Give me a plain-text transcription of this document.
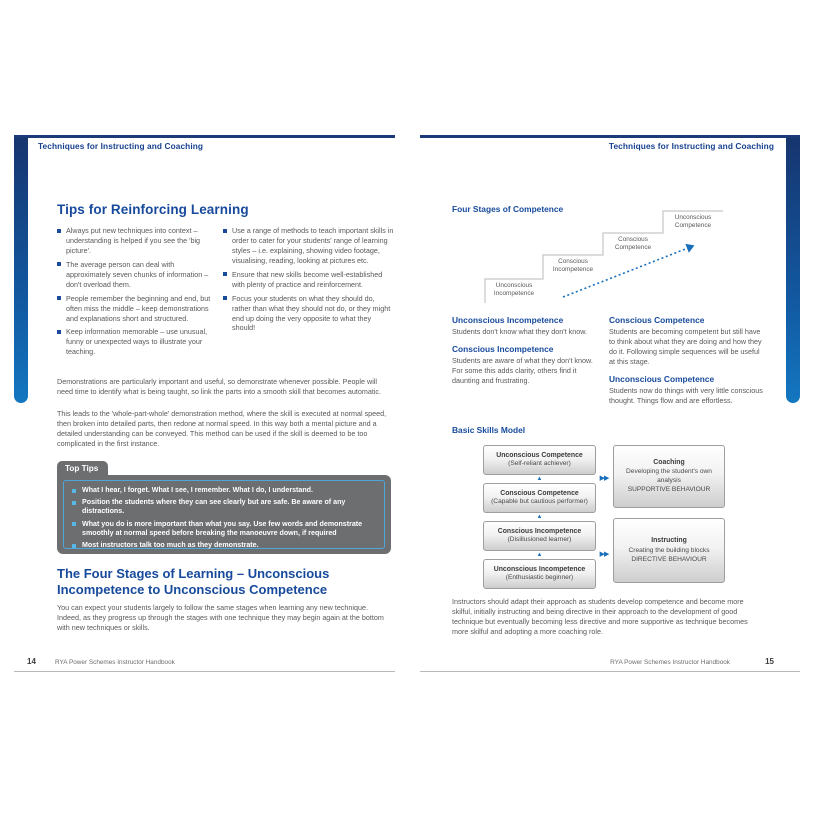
Techniques for Instructing and Coaching
Tips for Reinforcing Learning
Always put new techniques into context – understanding is helped if you see the 'big picture'.
The average person can deal with approximately seven chunks of information – don't overload them.
People remember the beginning and end, but often miss the middle – keep demonstrations and explanations short and structured.
Keep information memorable – use unusual, funny or unexpected ways to illustrate your teaching.
Use a range of methods to teach important skills in order to cater for your students' range of learning styles – i.e. explaining, showing video footage, visualising, reading, looking at pictures etc.
Ensure that new skills become well-established with plenty of practice and reinforcement.
Focus your students on what they should do, rather than what they should not do, or they might end up doing the very opposite to what they should!
Demonstrations are particularly important and useful, so demonstrate whenever possible. People will need time to identify what is being taught, so link the parts into a smooth skill that becomes automatic.
This leads to the 'whole-part-whole' demonstration method, where the skill is executed at normal speed, then broken into detailed parts, then redone at normal speed. In this way both a mental picture and a detailed understanding can be conveyed. This method can be used if the skill is deemed to be too complicated in the first instance.
Top Tips
What I hear, I forget. What I see, I remember. What I do, I understand.
Position the students where they can see clearly but are safe. Be aware of any distractions.
What you do is more important than what you say. Use few words and demonstrate smoothly at normal speed before breaking the manoeuvre down, if required
Most instructors talk too much as they demonstrate.
The Four Stages of Learning – Unconscious Incompetence to Unconscious Competence
You can expect your students largely to follow the same stages when learning any new technique. Indeed, as they progress up through the stages with one technique they may begin again at the bottom with new techniques or skills.
14	RYA Power Schemes Instructor Handbook
Techniques for Instructing and Coaching
Four Stages of Competence
Unconscious Incompetence
Conscious Incompetence
Conscious Competence
Unconscious Competence
Unconscious Incompetence
Students don't know what they don't know.
Conscious Incompetence
Students are aware of what they don't know. For some this adds clarity, others find it daunting and frustrating.
Conscious Competence
Students are becoming competent but still have to think about what they are doing and how they do it. Following simple sequences will be useful at this stage.
Unconscious Competence
Students now do things with very little conscious thought. Things flow and are effortless.
Basic Skills Model
Unconscious Competence
(Self-reliant achiever)
▲
Conscious Competence
(Capable but cautious performer)
▲
Conscious Incompetence
(Disillusioned learner)
▲
Unconscious Incompetence
(Enthusiastic beginner)
▶▶
▶▶
Coaching
Developing the student's own analysis
SUPPORTIVE BEHAVIOUR
Instructing
Creating the building blocks
DIRECTIVE BEHAVIOUR
Instructors should adapt their approach as students develop competence and become more skilful, initially instructing and being directive in their approach to the development of good technique but eventually becoming less directive and more supportive as technique becomes more skilful and adopting a more coaching role.
RYA Power Schemes Instructor Handbook	15
